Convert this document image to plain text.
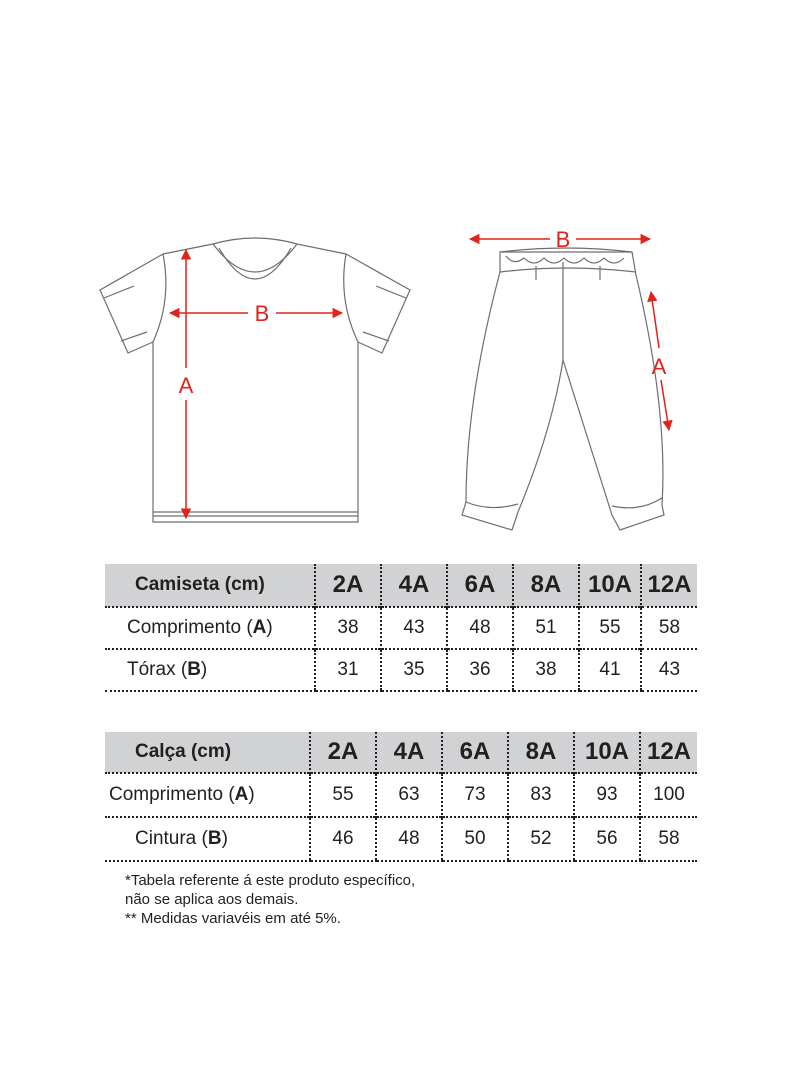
A
B
B
A
Camiseta (cm)	2A	4A	6A	8A	10A	12A
Comprimento (A)	38	43	48	51	55	58
Tórax (B)	31	35	36	38	41	43
Calça (cm)	2A	4A	6A	8A	10A	12A
Comprimento (A)	55	63	73	83	93	100
Cintura (B)	46	48	50	52	56	58
*Tabela referente á este produto específico,
não se aplica aos demais.
** Medidas variavéis em até 5%.
